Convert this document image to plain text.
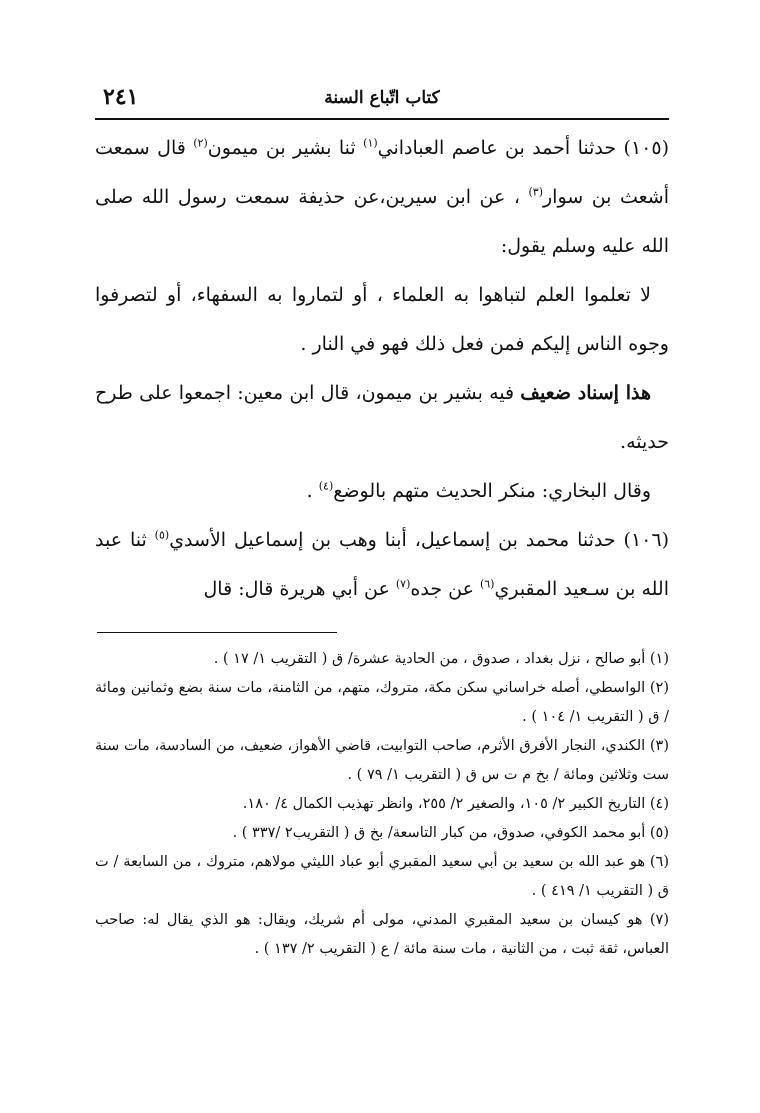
كتاب اتّباع السنة
٢٤١

(١٠٥) حدثنا أحمد بن عاصم العباداني$^{(١)}$ ثنا بشير بن ميمون$^{(٢)}$ قال سمعت أشعث بن سوار$^{(٣)}$ ، عن ابن سيرين،عن حذيفة سمعت رسول الله صلى الله عليه وسلم يقول:

لا تعلموا العلم لتباهوا به العلماء ، أو لتماروا به السفهاء، أو لتصرفوا وجوه الناس إليكم فمن فعل ذلك فهو في النار .

هذا إسناد ضعيف فيه بشير بن ميمون، قال ابن معين: اجمعوا على طرح حديثه.

وقال البخاري: منكر الحديث متهم بالوضع$^{(٤)}$ .

(١٠٦) حدثنا محمد بن إسماعيل، أبنا وهب بن إسماعيل الأسدي$^{(٥)}$ ثنا عبد الله بن سـعيد المقبري$^{(٦)}$ عن جده$^{(٧)}$ عن أبي هريرة قال: قال

(١) أبو صالح ، نزل بغداد ، صدوق ، من الحادية عشرة/ ق ( التقريب ١/ ١٧ ) .

(٢) الواسطي، أصله خراساني سكن مكة، متروك، متهم، من الثامنة، مات سنة بضع وثمانين ومائة / ق ( التقريب ١/ ١٠٤ ) .

(٣) الكندي، النجار الأفرق الأثرم، صاحب التوابيت، قاضي الأهواز، ضعيف، من السادسة، مات سنة ست وثلاثين ومائة / بخ م ت س ق ( التقريب ١/ ٧٩ ) .

(٤) التاريخ الكبير ٢/ ١٠٥، والصغير ٢/ ٢٥٥، وانظر تهذيب الكمال ٤/ ١٨٠.

(٥) أبو محمد الكوفي، صدوق، من كبار التاسعة/ بخ ق ( التقريب٢ /٣٣٧ ) .

(٦) هو عبد الله بن سعيد بن أبي سعيد المقبري أبو عباد الليثي مولاهم، متروك ، من السابعة / ت ق ( التقريب ١/ ٤١٩ ) .

(٧) هو كيسان بن سعيد المقبري المدني، مولى أم شريك، ويقال: هو الذي يقال له: صاحب العباس، ثقة ثبت ، من الثانية ، مات سنة مائة / ع ( التقريب ٢/ ١٣٧ ) .
